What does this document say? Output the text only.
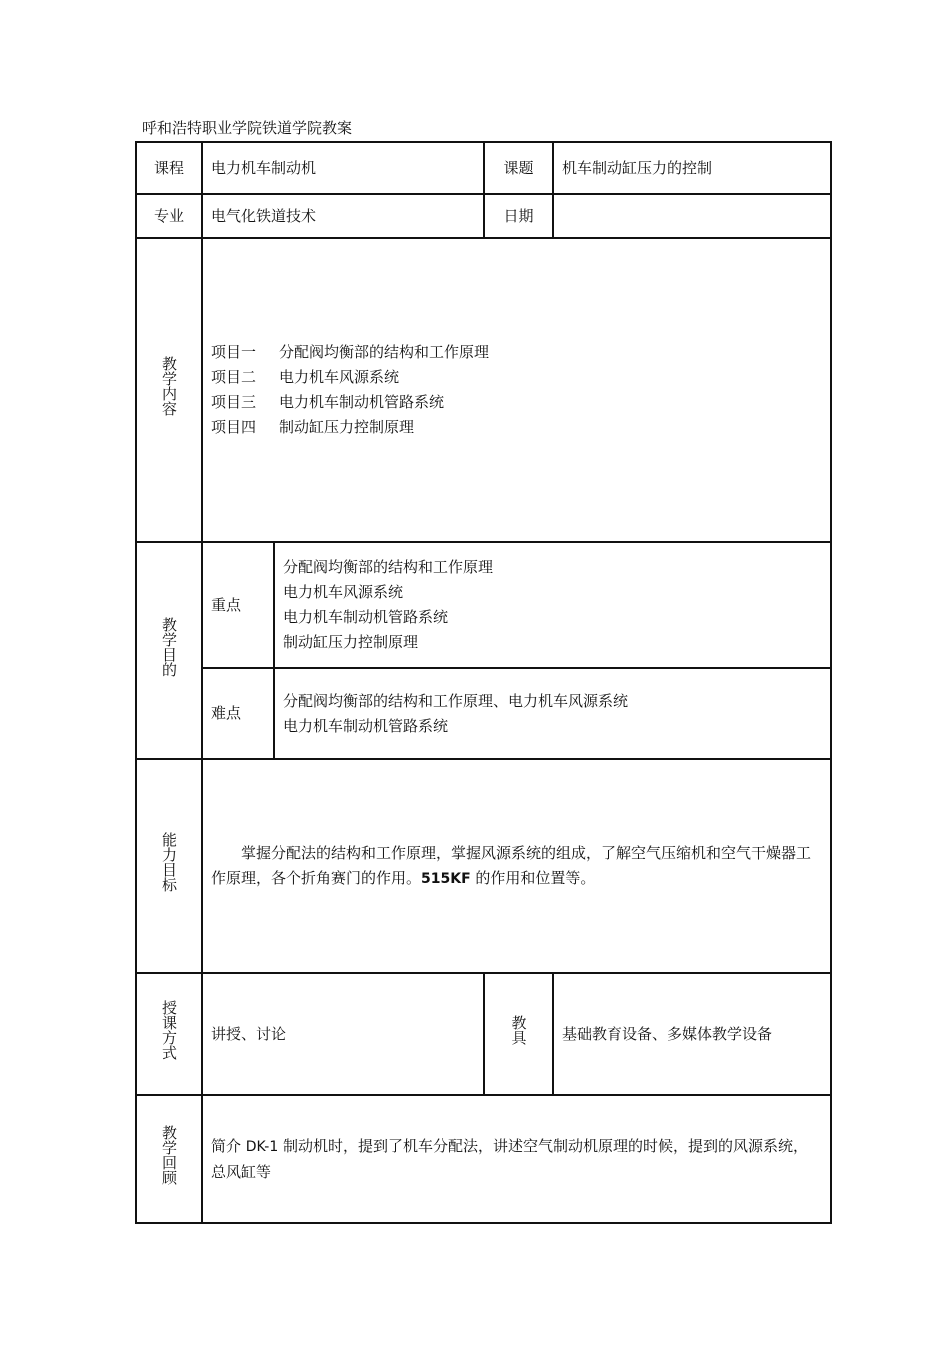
呼和浩特职业学院铁道学院教案
课程	电力机车制动机		课题	机车制动缸压力的控制
专业	电气化铁道技术		日期	
教学内容	项目一 分配阀均衡部的结构和工作原理
项目二 电力机车风源系统
项目三 电力机车制动机管路系统
项目四 制动缸压力控制原理			

教学目的	重点	分配阀均衡部的结构和工作原理
电力机车风源系统
电力机车制动机管路系统
制动缸压力控制原理		

	难点	分配阀均衡部的结构和工作原理、电力机车风源系统
电力机车制动机管路系统		

能力目标	掌握分配法的结构和工作原理，掌握风源系统的组成，了解空气压缩机和空气干燥器工作原理，各个折角赛门的作用。515KF 的作用和位置等。			

授课方式	讲授、讨论		教具	基础教育设备、多媒体教学设备
教学回顾	简介 DK-1 制动机时，提到了机车分配法，讲述空气制动机原理的时候，提到的风源系统，总风缸等			
